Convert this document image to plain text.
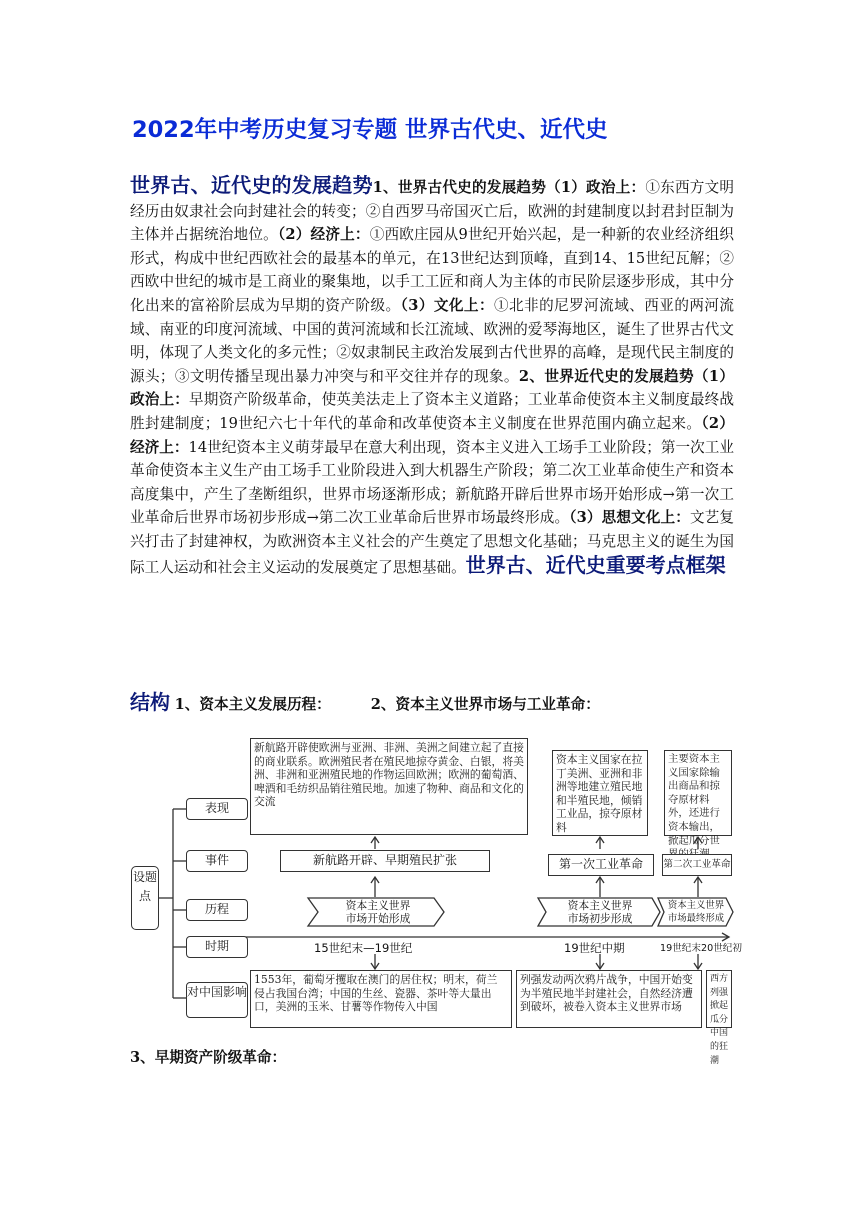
2022年中考历史复习专题 世界古代史、近代史
世界古、近代史的发展趋势1、世界古代史的发展趋势（1）政治上：①东西方文明经历由奴隶社会向封建社会的转变；②自西罗马帝国灭亡后，欧洲的封建制度以封君封臣制为主体并占据统治地位。（2）经济上：①西欧庄园从9世纪开始兴起，是一种新的农业经济组织形式，构成中世纪西欧社会的最基本的单元，在13世纪达到顶峰，直到14、15世纪瓦解；②西欧中世纪的城市是工商业的聚集地，以手工工匠和商人为主体的市民阶层逐步形成，其中分化出来的富裕阶层成为早期的资产阶级。（3）文化上：①北非的尼罗河流域、西亚的两河流域、南亚的印度河流域、中国的黄河流域和长江流域、欧洲的爱琴海地区，诞生了世界古代文明，体现了人类文化的多元性；②奴隶制民主政治发展到古代世界的高峰，是现代民主制度的源头；③文明传播呈现出暴力冲突与和平交往并存的现象。2、世界近代史的发展趋势（1）政治上：早期资产阶级革命，使英美法走上了资本主义道路；工业革命使资本主义制度最终战胜封建制度；19世纪六七十年代的革命和改革使资本主义制度在世界范围内确立起来。（2）经济上：14世纪资本主义萌芽最早在意大利出现，资本主义进入工场手工业阶段；第一次工业革命使资本主义生产由工场手工业阶段进入到大机器生产阶段；第二次工业革命使生产和资本高度集中，产生了垄断组织，世界市场逐渐形成；新航路开辟后世界市场开始形成→第一次工业革命后世界市场初步形成→第二次工业革命后世界市场最终形成。（3）思想文化上：文艺复兴打击了封建神权，为欧洲资本主义社会的产生奠定了思想文化基础；马克思主义的诞生为国际工人运动和社会主义运动的发展奠定了思想基础。世界古、近代史重要考点框架
结构 1、资本主义发展历程：	2、资本主义世界市场与工业革命：
设题点
表现
事件
历程
时期
对中国影响
新航路开辟使欧洲与亚洲、非洲、美洲之间建立起了直接的商业联系。欧洲殖民者在殖民地掠夺黄金、白银，将美洲、非洲和亚洲殖民地的作物运回欧洲；欧洲的葡萄酒、啤酒和毛纺织品销往殖民地。加速了物种、商品和文化的交流
新航路开辟、早期殖民扩张
资本主义世界
市场开始形成
15世纪末—19世纪
1553年，葡萄牙攫取在澳门的居住权；明末，荷兰侵占我国台湾；中国的生丝、瓷器、茶叶等大量出口，美洲的玉米、甘薯等作物传入中国
资本主义国家在拉丁美洲、亚洲和非洲等地建立殖民地和半殖民地，倾销工业品，掠夺原材料
第一次工业革命
资本主义世界
市场初步形成
19世纪中期
列强发动两次鸦片战争，中国开始变为半殖民地半封建社会，自然经济遭到破坏，被卷入资本主义世界市场
主要资本主义国家除输出商品和掠夺原材料外，还进行资本输出，掀起瓜分世
第二次工业革命
资本主义世界
市场最终形成
19世纪末20世纪初
西方列强掀起瓜分中国的狂潮
3、早期资产阶级革命：
